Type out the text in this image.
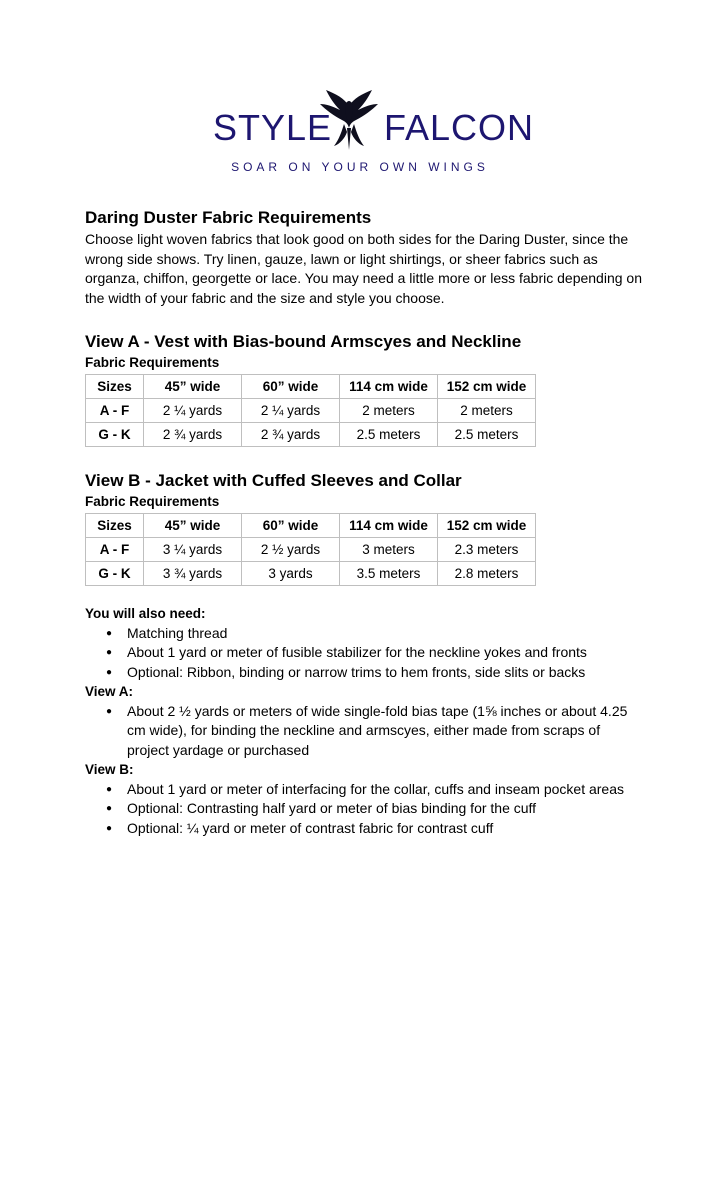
STYLE FALCON
SOAR ON YOUR OWN WINGS
Daring Duster Fabric Requirements

Choose light woven fabrics that look good on both sides for the Daring Duster, since the wrong side shows. Try linen, gauze, lawn or light shirtings, or sheer fabrics such as organza, chiffon, georgette or lace. You may need a little more or less fabric depending on the width of your fabric and the size and style you choose.

View A - Vest with Bias-bound Armscyes and Neckline
Fabric Requirements
Sizes	45” wide	60” wide	114 cm wide	152 cm wide
A - F	2 ¼ yards	2 ¼ yards	2 meters	2 meters
G - K	2 ¾ yards	2 ¾ yards	2.5 meters	2.5 meters
View B - Jacket with Cuffed Sleeves and Collar
Fabric Requirements
Sizes	45” wide	60” wide	114 cm wide	152 cm wide
A - F	3 ¼ yards	2 ½ yards	3 meters	2.3 meters
G - K	3 ¾ yards	3 yards	3.5 meters	2.8 meters

You will also need:

● Matching thread
● About 1 yard or meter of fusible stabilizer for the neckline yokes and fronts
● Optional: Ribbon, binding or narrow trims to hem fronts, side slits or backs

View A:

● About 2 ½ yards or meters of wide single-fold bias tape (1⅝ inches or about 4.25 cm wide), for binding the neckline and armscyes, either made from scraps of project yardage or purchased

View B:

● About 1 yard or meter of interfacing for the collar, cuffs and inseam pocket areas
● Optional: Contrasting half yard or meter of bias binding for the cuff
● Optional: ¼ yard or meter of contrast fabric for contrast cuff
